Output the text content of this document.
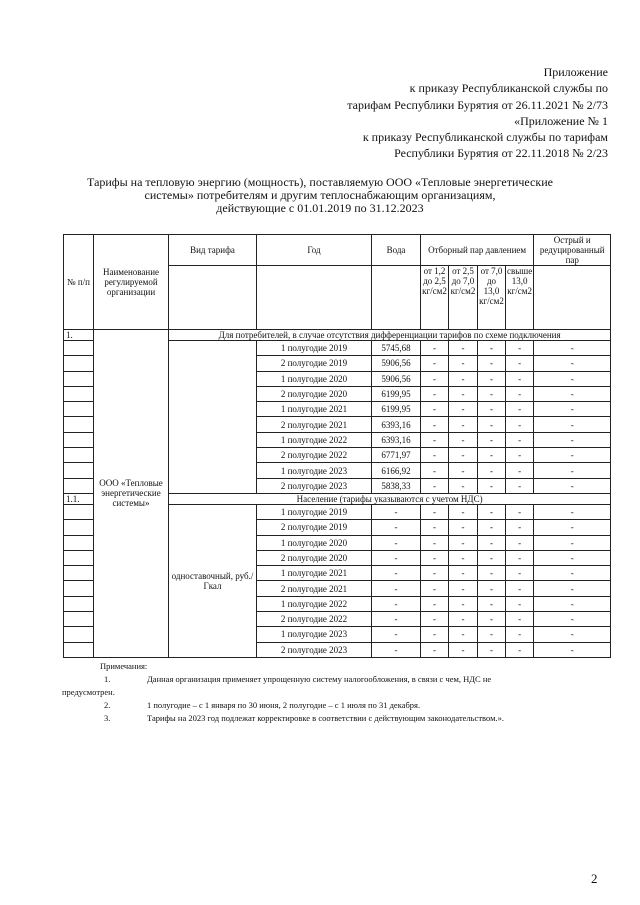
Приложение
к приказу Республиканской службы по
тарифам Республики Бурятия от 26.11.2021 № 2/73
«Приложение № 1
к приказу Республиканской службы по тарифам
Республики Бурятия от 22.11.2018 № 2/23
Тарифы на тепловую энергию (мощность), поставляемую ООО «Тепловые энергетические
системы» потребителям и другим теплоснабжающим организациям,
действующие с 01.01.2019 по 31.12.2023
№ п/п	Наименование регулируемой организации	Вид тарифа	Год	Вода	Отборный пар давлением				Острый и редуцированный пар
					от 1,2 до 2,5 кг/см2	от 2,5 до 7,0 кг/см2	от 7,0 до 13,0 кг/см2	свыше 13,0 кг/см2	
1.	ООО «Тепловые энергетические системы»	Для потребителей, в случае отсутствия дифференциации тарифов по схеме подключения							
			1 полугодие 2019	5745,68	-	-	-	-	-
			2 полугодие 2019	5906,56	-	-	-	-	-
			1 полугодие 2020	5906,56	-	-	-	-	-
			2 полугодие 2020	6199,95	-	-	-	-	-
			1 полугодие 2021	6199,95	-	-	-	-	-
			2 полугодие 2021	6393,16	-	-	-	-	-
			1 полугодие 2022	6393,16	-	-	-	-	-
			2 полугодие 2022	6771,97	-	-	-	-	-
			1 полугодие 2023	6166,92	-	-	-	-	-
			2 полугодие 2023	5838,33	-	-	-	-	-
1.1.		Население (тарифы указываются с учетом НДС)							
		одноставочный, руб./Гкал	1 полугодие 2019	-	-	-	-	-	-
			2 полугодие 2019	-	-	-	-	-	-
			1 полугодие 2020	-	-	-	-	-	-
			2 полугодие 2020	-	-	-	-	-	-
			1 полугодие 2021	-	-	-	-	-	-
			2 полугодие 2021	-	-	-	-	-	-
			1 полугодие 2022	-	-	-	-	-	-
			2 полугодие 2022	-	-	-	-	-	-
			1 полугодие 2023	-	-	-	-	-	-
			2 полугодие 2023	-	-	-	-	-	-
Примечания:
1.	Данная организация применяет упрощенную систему налогообложения, в связи с чем, НДС не
предусмотрен.
2.	1 полугодие – с 1 января по 30 июня, 2 полугодие – с 1 июля по 31 декабря.
3.	Тарифы на 2023 год подлежат корректировке в соответствии с действующим законодательством.».
2
